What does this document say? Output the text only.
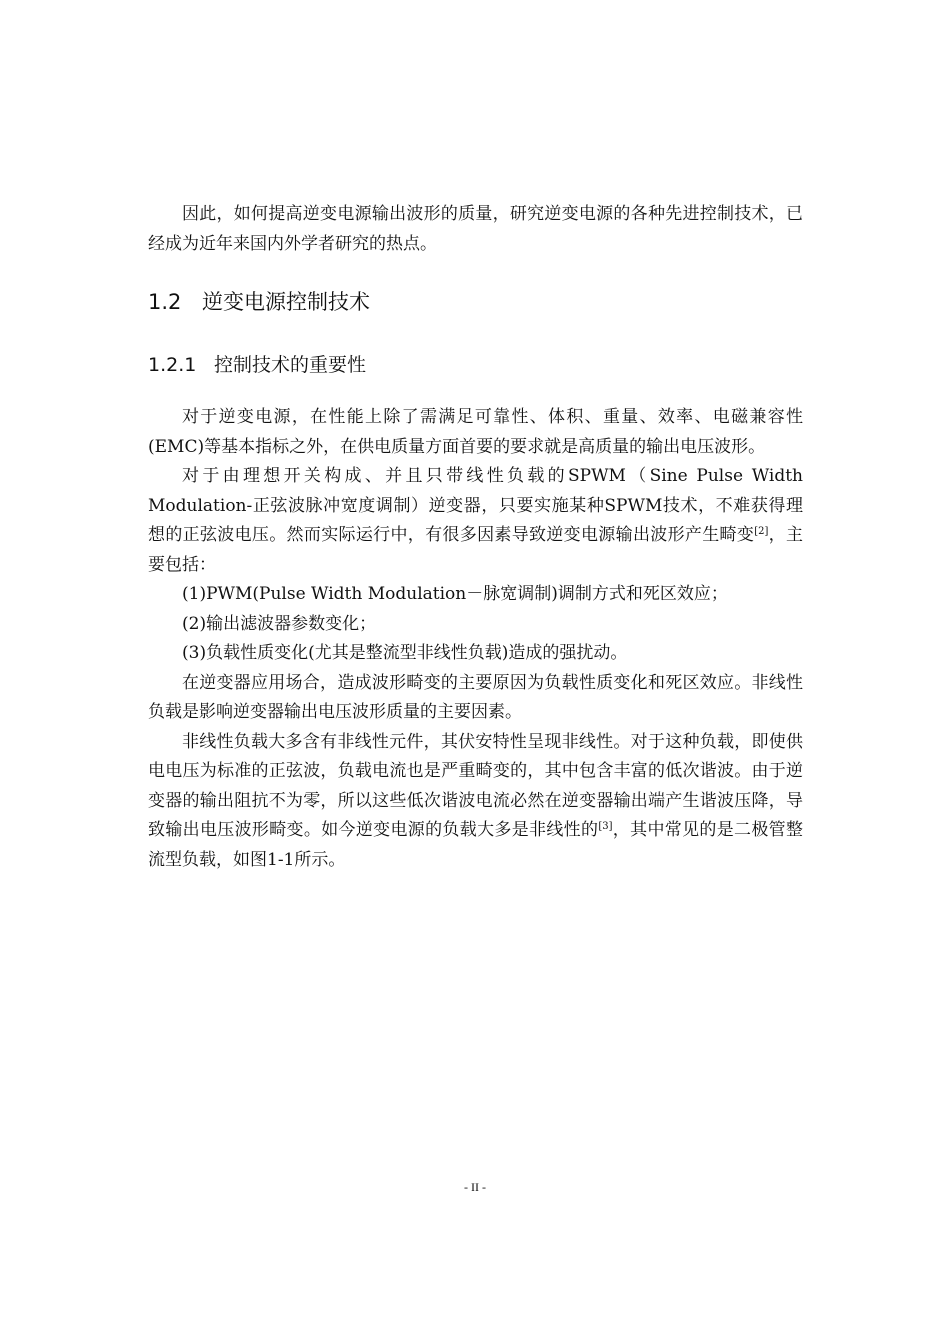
因此，如何提高逆变电源输出波形的质量，研究逆变电源的各种先进控制技术，已经成为近年来国内外学者研究的热点。

1.2 逆变电源控制技术
1.2.1 控制技术的重要性

对于逆变电源，在性能上除了需满足可靠性、体积、重量、效率、电磁兼容性(EMC)等基本指标之外，在供电质量方面首要的要求就是高质量的输出电压波形。

对于由理想开关构成、并且只带线性负载的SPWM（Sine Pulse Width Modulation-正弦波脉冲宽度调制）逆变器，只要实施某种SPWM技术，不难获得理想的正弦波电压。然而实际运行中，有很多因素导致逆变电源输出波形产生畸变[2]，主要包括：

(1)PWM(Pulse Width Modulation－脉宽调制)调制方式和死区效应；

(2)输出滤波器参数变化；

(3)负载性质变化(尤其是整流型非线性负载)造成的强扰动。

在逆变器应用场合，造成波形畸变的主要原因为负载性质变化和死区效应。非线性负载是影响逆变器输出电压波形质量的主要因素。

非线性负载大多含有非线性元件，其伏安特性呈现非线性。对于这种负载，即使供电电压为标准的正弦波，负载电流也是严重畸变的，其中包含丰富的低次谐波。由于逆变器的输出阻抗不为零，所以这些低次谐波电流必然在逆变器输出端产生谐波压降，导致输出电压波形畸变。如今逆变电源的负载大多是非线性的[3]，其中常见的是二极管整流型负载，如图1-1所示。

- II -
